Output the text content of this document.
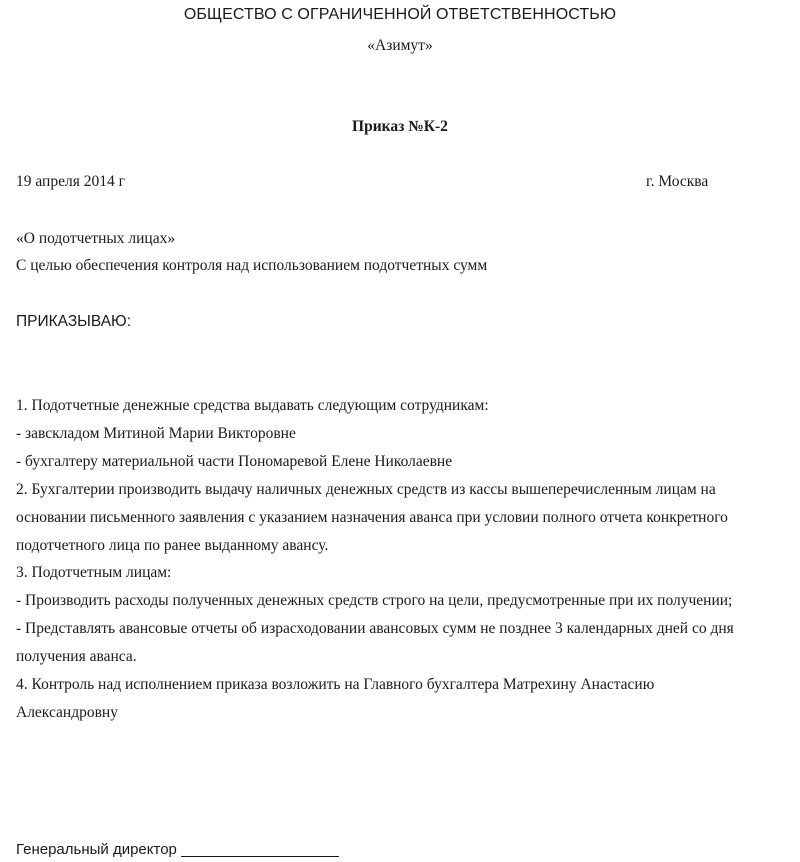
ОБЩЕСТВО С ОГРАНИЧЕННОЙ ОТВЕТСТВЕННОСТЬЮ
«Азимут»
Приказ №К-2
19 апреля 2014 г	г. Москва
«О подотчетных лицах»
С целью обеспечения контроля над использованием подотчетных сумм
ПРИКАЗЫВАЮ:
1. Подотчетные денежные средства выдавать следующим сотрудникам:
- завскладом Митиной Марии Викторовне
- бухгалтеру материальной части Пономаревой Елене Николаевне
2. Бухгалтерии производить выдачу наличных денежных средств из кассы вышеперечисленным лицам на
основании письменного заявления с указанием назначения аванса при условии полного отчета конкретного
подотчетного лица по ранее выданному авансу.
3. Подотчетным лицам:
- Производить расходы полученных денежных средств строго на цели, предусмотренные при их получении;
- Представлять авансовые отчеты об израсходовании авансовых сумм не позднее 3 календарных дней со дня
получения аванса.
4. Контроль над исполнением приказа возложить на Главного бухгалтера Матрехину Анастасию
Александровну
Генеральный директор
